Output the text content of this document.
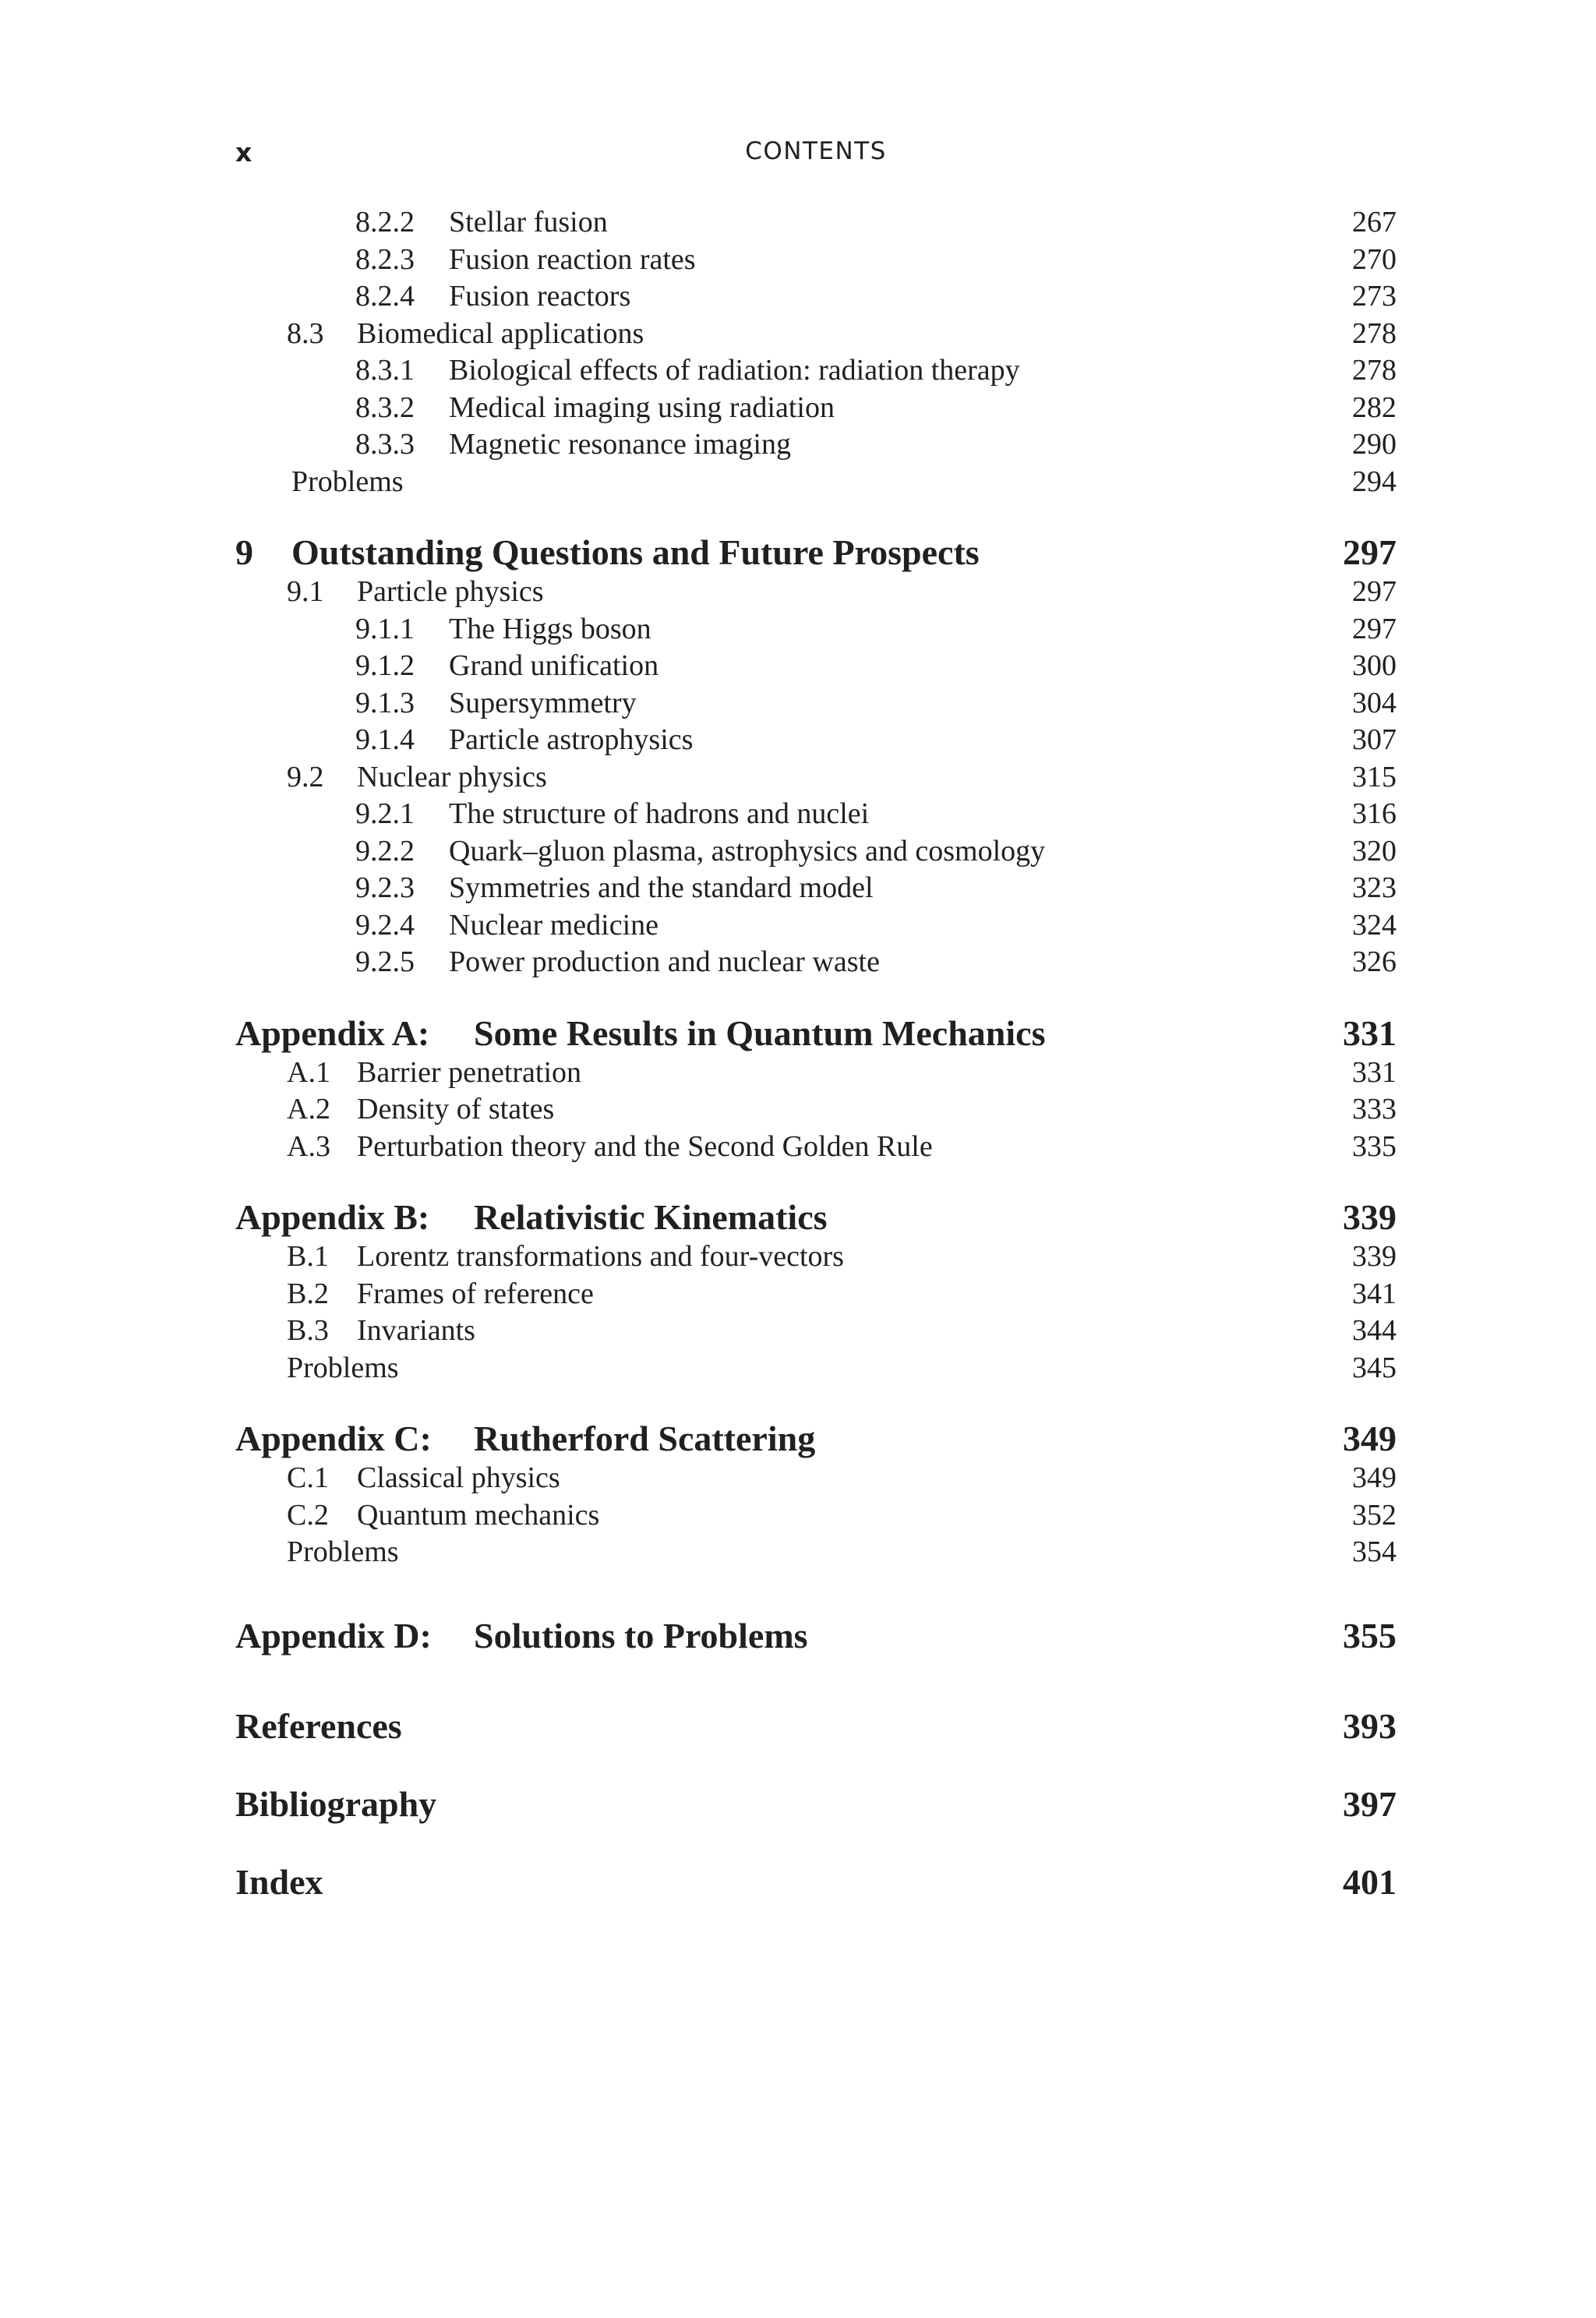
x	CONTENTS
8.2.2 Stellar fusion	267
8.2.3 Fusion reaction rates	270
8.2.4 Fusion reactors	273
8.3 Biomedical applications	278
8.3.1 Biological effects of radiation: radiation therapy	278
8.3.2 Medical imaging using radiation	282
8.3.3 Magnetic resonance imaging	290
Problems	294
9 Outstanding Questions and Future Prospects	297
9.1 Particle physics	297
9.1.1 The Higgs boson	297
9.1.2 Grand unification	300
9.1.3 Supersymmetry	304
9.1.4 Particle astrophysics	307
9.2 Nuclear physics	315
9.2.1 The structure of hadrons and nuclei	316
9.2.2 Quark–gluon plasma, astrophysics and cosmology	320
9.2.3 Symmetries and the standard model	323
9.2.4 Nuclear medicine	324
9.2.5 Power production and nuclear waste	326
Appendix A: Some Results in Quantum Mechanics	331
A.1 Barrier penetration	331
A.2 Density of states	333
A.3 Perturbation theory and the Second Golden Rule	335
Appendix B: Relativistic Kinematics	339
B.1 Lorentz transformations and four-vectors	339
B.2 Frames of reference	341
B.3 Invariants	344
Problems	345
Appendix C: Rutherford Scattering	349
C.1 Classical physics	349
C.2 Quantum mechanics	352
Problems	354
Appendix D: Solutions to Problems	355
References	393
Bibliography	397
Index	401
